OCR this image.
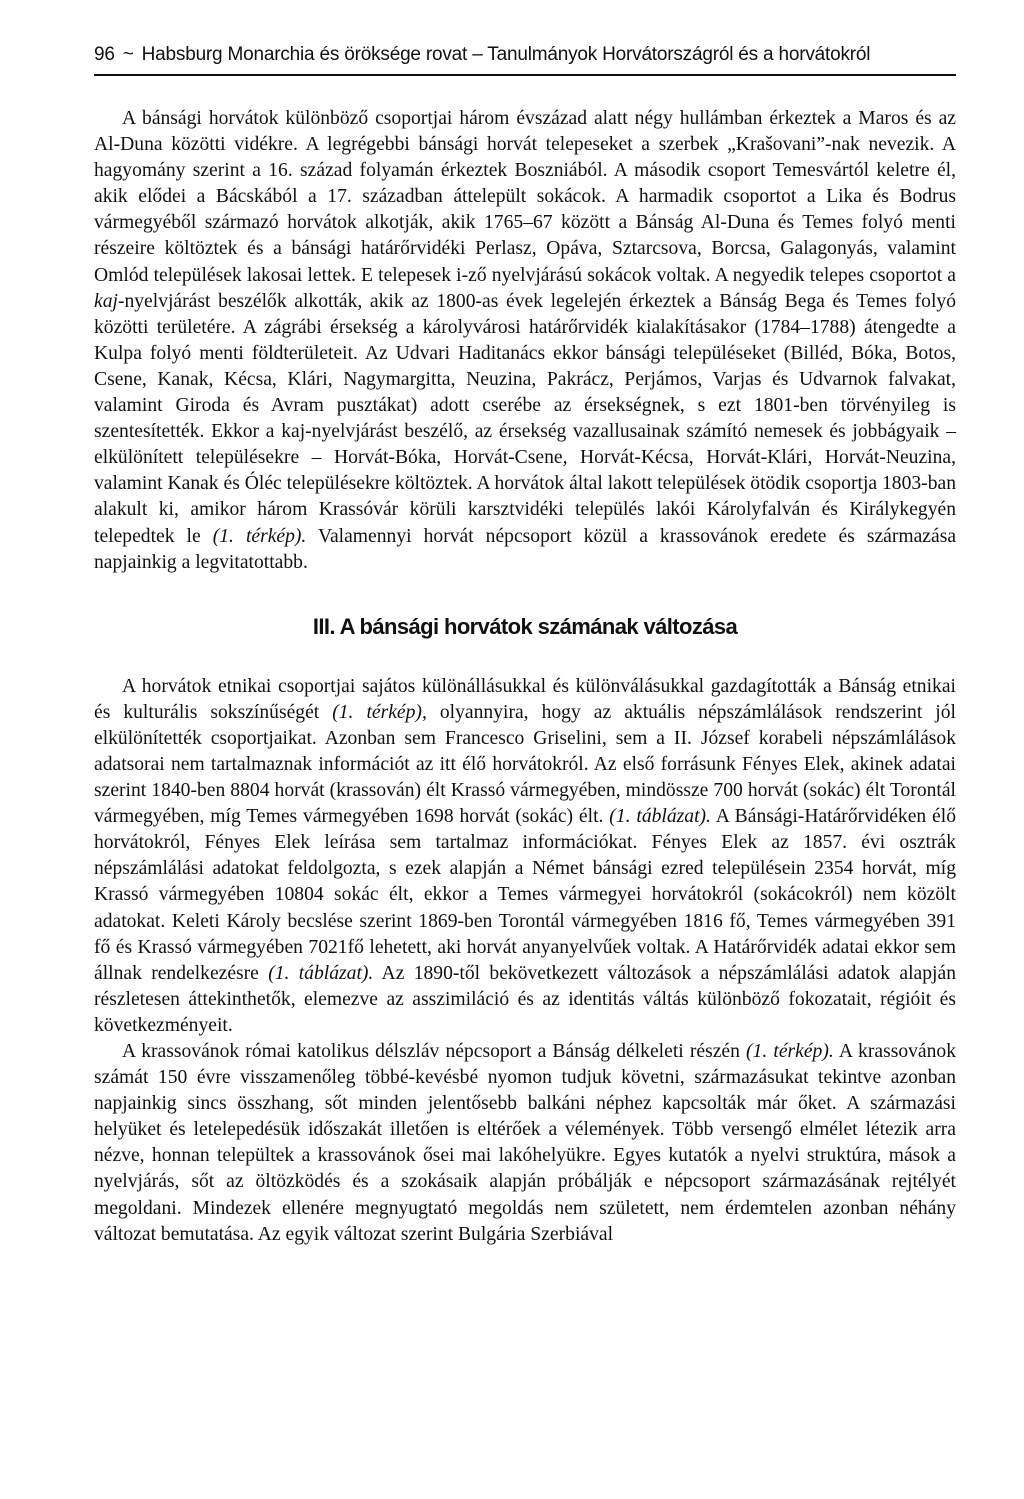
96 ~ Habsburg Monarchia és öröksége rovat – Tanulmányok Horvátországról és a horvátokról

A bánsági horvátok különböző csoportjai három évszázad alatt négy hullámban érkeztek a Maros és az Al-Duna közötti vidékre. A legrégebbi bánsági horvát telepeseket a szerbek „Krašovani”-nak nevezik. A hagyomány szerint a 16. század folyamán érkeztek Boszniából. A második csoport Temesvártól keletre él, akik elődei a Bácskából a 17. században áttelepült sokácok. A harmadik csoportot a Lika és Bodrus vármegyéből származó horvátok alkotják, akik 1765–67 között a Bánság Al-Duna és Temes folyó menti részeire költöztek és a bánsági határőrvidéki Perlasz, Opáva, Sztarcsova, Borcsa, Galagonyás, valamint Omlód települések lakosai lettek. E telepesek i-ző nyelvjárású sokácok voltak. A negyedik telepes csoportot a kaj-nyelvjárást beszélők alkották, akik az 1800-as évek legelején érkeztek a Bánság Bega és Temes folyó közötti területére. A zágrábi érsekség a károlyvárosi határőrvidék kialakításakor (1784–1788) átengedte a Kulpa folyó menti földterületeit. Az Udvari Haditanács ekkor bánsági településeket (Billéd, Bóka, Botos, Csene, Kanak, Kécsa, Klári, Nagymargitta, Neuzina, Pakrácz, Perjámos, Varjas és Udvarnok falvakat, valamint Giroda és Avram pusztákat) adott cserébe az érsekségnek, s ezt 1801-ben törvényileg is szentesítették. Ekkor a kaj-nyelvjárást beszélő, az érsekség vazallusainak számító nemesek és jobbágyaik – elkülönített településekre – Horvát-Bóka, Horvát-Csene, Horvát-Kécsa, Horvát-Klári, Horvát-Neuzina, valamint Kanak és Óléc településekre költöztek. A horvátok által lakott települések ötödik csoportja 1803-ban alakult ki, amikor három Krassóvár körüli karsztvidéki település lakói Károlyfalván és Királykegyén telepedtek le (1. térkép). Valamennyi horvát népcsoport közül a krassovánok eredete és származása napjainkig a legvitatottabb.

III. A bánsági horvátok számának változása

A horvátok etnikai csoportjai sajátos különállásukkal és különválásukkal gazdagították a Bánság etnikai és kulturális sokszínűségét (1. térkép), olyannyira, hogy az aktuális népszámlálások rendszerint jól elkülönítették csoportjaikat. Azonban sem Francesco Griselini, sem a II. József korabeli népszámlálások adatsorai nem tartalmaznak információt az itt élő horvátokról. Az első forrásunk Fényes Elek, akinek adatai szerint 1840-ben 8804 horvát (krassován) élt Krassó vármegyében, mindössze 700 horvát (sokác) élt Torontál vármegyében, míg Temes vármegyében 1698 horvát (sokác) élt. (1. táblázat). A Bánsági-Határőrvidéken élő horvátokról, Fényes Elek leírása sem tartalmaz információkat. Fényes Elek az 1857. évi osztrák népszámlálási adatokat feldolgozta, s ezek alapján a Német bánsági ezred településein 2354 horvát, míg Krassó vármegyében 10804 sokác élt, ekkor a Temes vármegyei horvátokról (sokácokról) nem közölt adatokat. Keleti Károly becslése szerint 1869-ben Torontál vármegyében 1816 fő, Temes vármegyében 391 fő és Krassó vármegyében 7021fő lehetett, aki horvát anyanyelvűek voltak. A Határőrvidék adatai ekkor sem állnak rendelkezésre (1. táblázat). Az 1890-től bekövetkezett változások a népszámlálási adatok alapján részletesen áttekinthetők, elemezve az asszimiláció és az identitás váltás különböző fokozatait, régióit és következményeit.

A krassovánok római katolikus délszláv népcsoport a Bánság délkeleti részén (1. térkép). A krassovánok számát 150 évre visszamenőleg többé-kevésbé nyomon tudjuk követni, származásukat tekintve azonban napjainkig sincs összhang, sőt minden jelentősebb balkáni néphez kapcsolták már őket. A származási helyüket és letelepedésük időszakát illetően is eltérőek a vélemények. Több versengő elmélet létezik arra nézve, honnan települtek a krassovánok ősei mai lakóhelyükre. Egyes kutatók a nyelvi struktúra, mások a nyelvjárás, sőt az öltözködés és a szokásaik alapján próbálják e népcsoport származásának rejtélyét megoldani. Mindezek ellenére megnyugtató megoldás nem született, nem érdemtelen azonban néhány változat bemutatása. Az egyik változat szerint Bulgária Szerbiával
